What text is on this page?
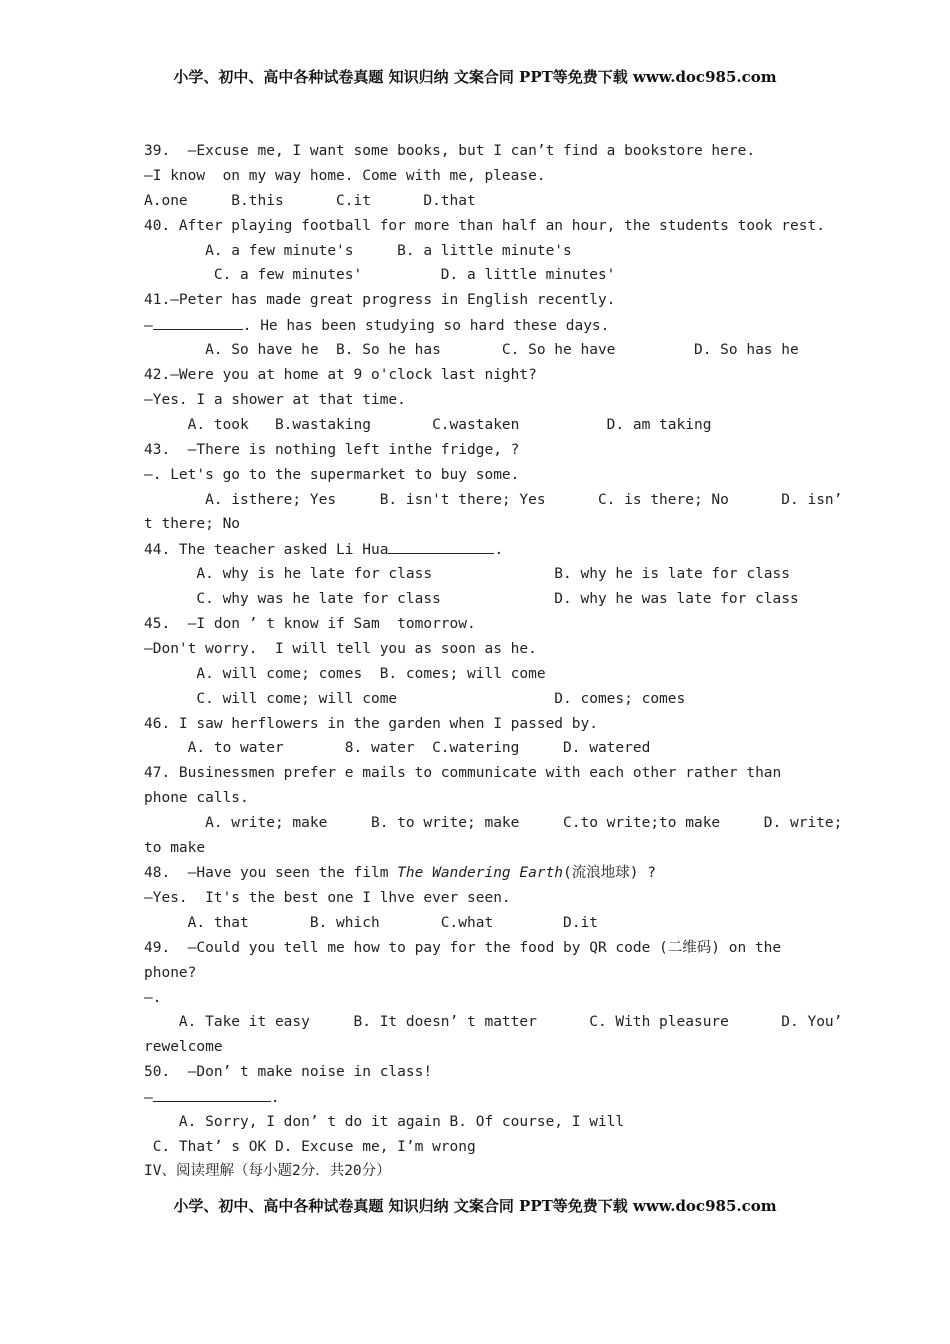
小学、初中、高中各种试卷真题 知识归纳 文案合同 PPT等免费下载 www.doc985.com
39.  —Excuse me, I want some books, but I can’t find a bookstore here.
—I know  on my way home. Come with me, please.
A.one     B.this      C.it      D.that
40. After playing football for more than half an hour, the students took rest.
A. a few minute's     B. a little minute's
C. a few minutes'         D. a little minutes'
41.—Peter has made great progress in English recently.
—	. He has been studying so hard these days.
A. So have he  B. So he has       C. So he have         D. So has he
42.—Were you at home at 9 o'clock last night?
—Yes. I a shower at that time.
A. took   B.wastaking       C.wastaken          D. am taking
43.  —There is nothing left inthe fridge, ?
—. Let's go to the supermarket to buy some.
A. isthere; Yes     B. isn't there; Yes      C. is there; No      D. isn’
t there; No
44. The teacher asked Li Hua	.
A. why is he late for class              B. why he is late for class
C. why was he late for class             D. why he was late for class
45.  —I don ’ t know if Sam  tomorrow.
—Don't worry.  I will tell you as soon as he.
A. will come; comes  B. comes; will come
C. will come; will come                  D. comes; comes
46. I saw herflowers in the garden when I passed by.
A. to water       8. water  C.watering     D. watered
47. Businessmen prefer e mails to communicate with each other rather than
phone calls.
A. write; make     B. to write; make     C.to write;to make     D. write;
to make
48.  —Have you seen the film The Wandering Earth(流浪地球) ?
—Yes.  It's the best one I lhve ever seen.
A. that       B. which       C.what        D.it
49.  —Could you tell me how to pay for the food by QR code (二维码) on the
phone?
—.
A. Take it easy     B. It doesn’ t matter      C. With pleasure      D. You’
rewelcome
50.  —Don’ t make noise in class!
—	.
A. Sorry, I don’ t do it again B. Of course, I will
C. That’ s OK D. Excuse me, I’m wrong
IV、阅读理解（每小题2分．共20分）
小学、初中、高中各种试卷真题 知识归纳 文案合同 PPT等免费下载 www.doc985.com
